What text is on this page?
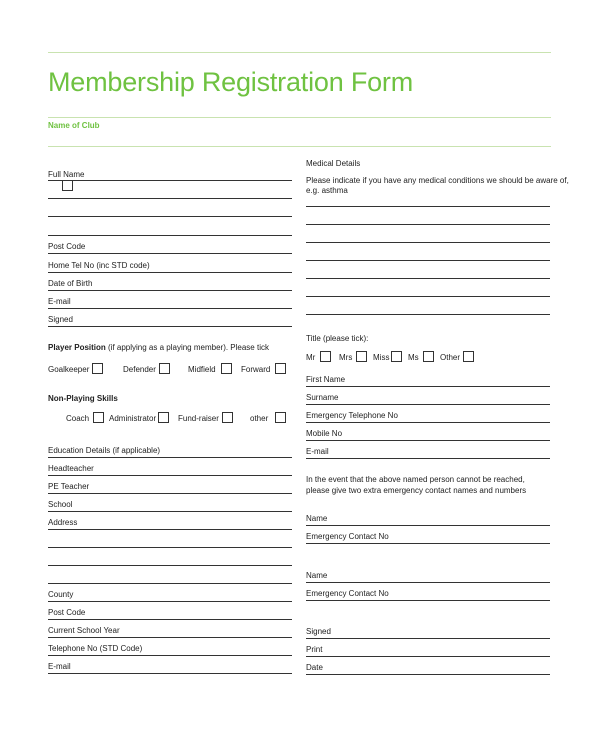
Membership Registration Form
Name of Club
Full Name
Post Code
Home Tel No (inc STD code)
Date of Birth
E-mail
Signed
Player Position (if applying as a playing member). Please tick
Goalkeeper	Defender	Midfield	Forward
Non-Playing Skills
Coach Administrator	Fund-raiser	other
Education Details (if applicable)
Headteacher
PE Teacher
School
Address
County
Post Code
Current School Year
Telephone No (STD Code)
E-mail
Medical Details
Please indicate if you have any medical conditions we should be aware of,
e.g. asthma
Title (please tick):
Mr	Mrs	Miss Ms	Other
First Name
Surname
Emergency Telephone No
Mobile No
E-mail
In the event that the above named person cannot be reached,
please give two extra emergency contact names and numbers
Name
Emergency Contact No
Name
Emergency Contact No
Signed
Print
Date
